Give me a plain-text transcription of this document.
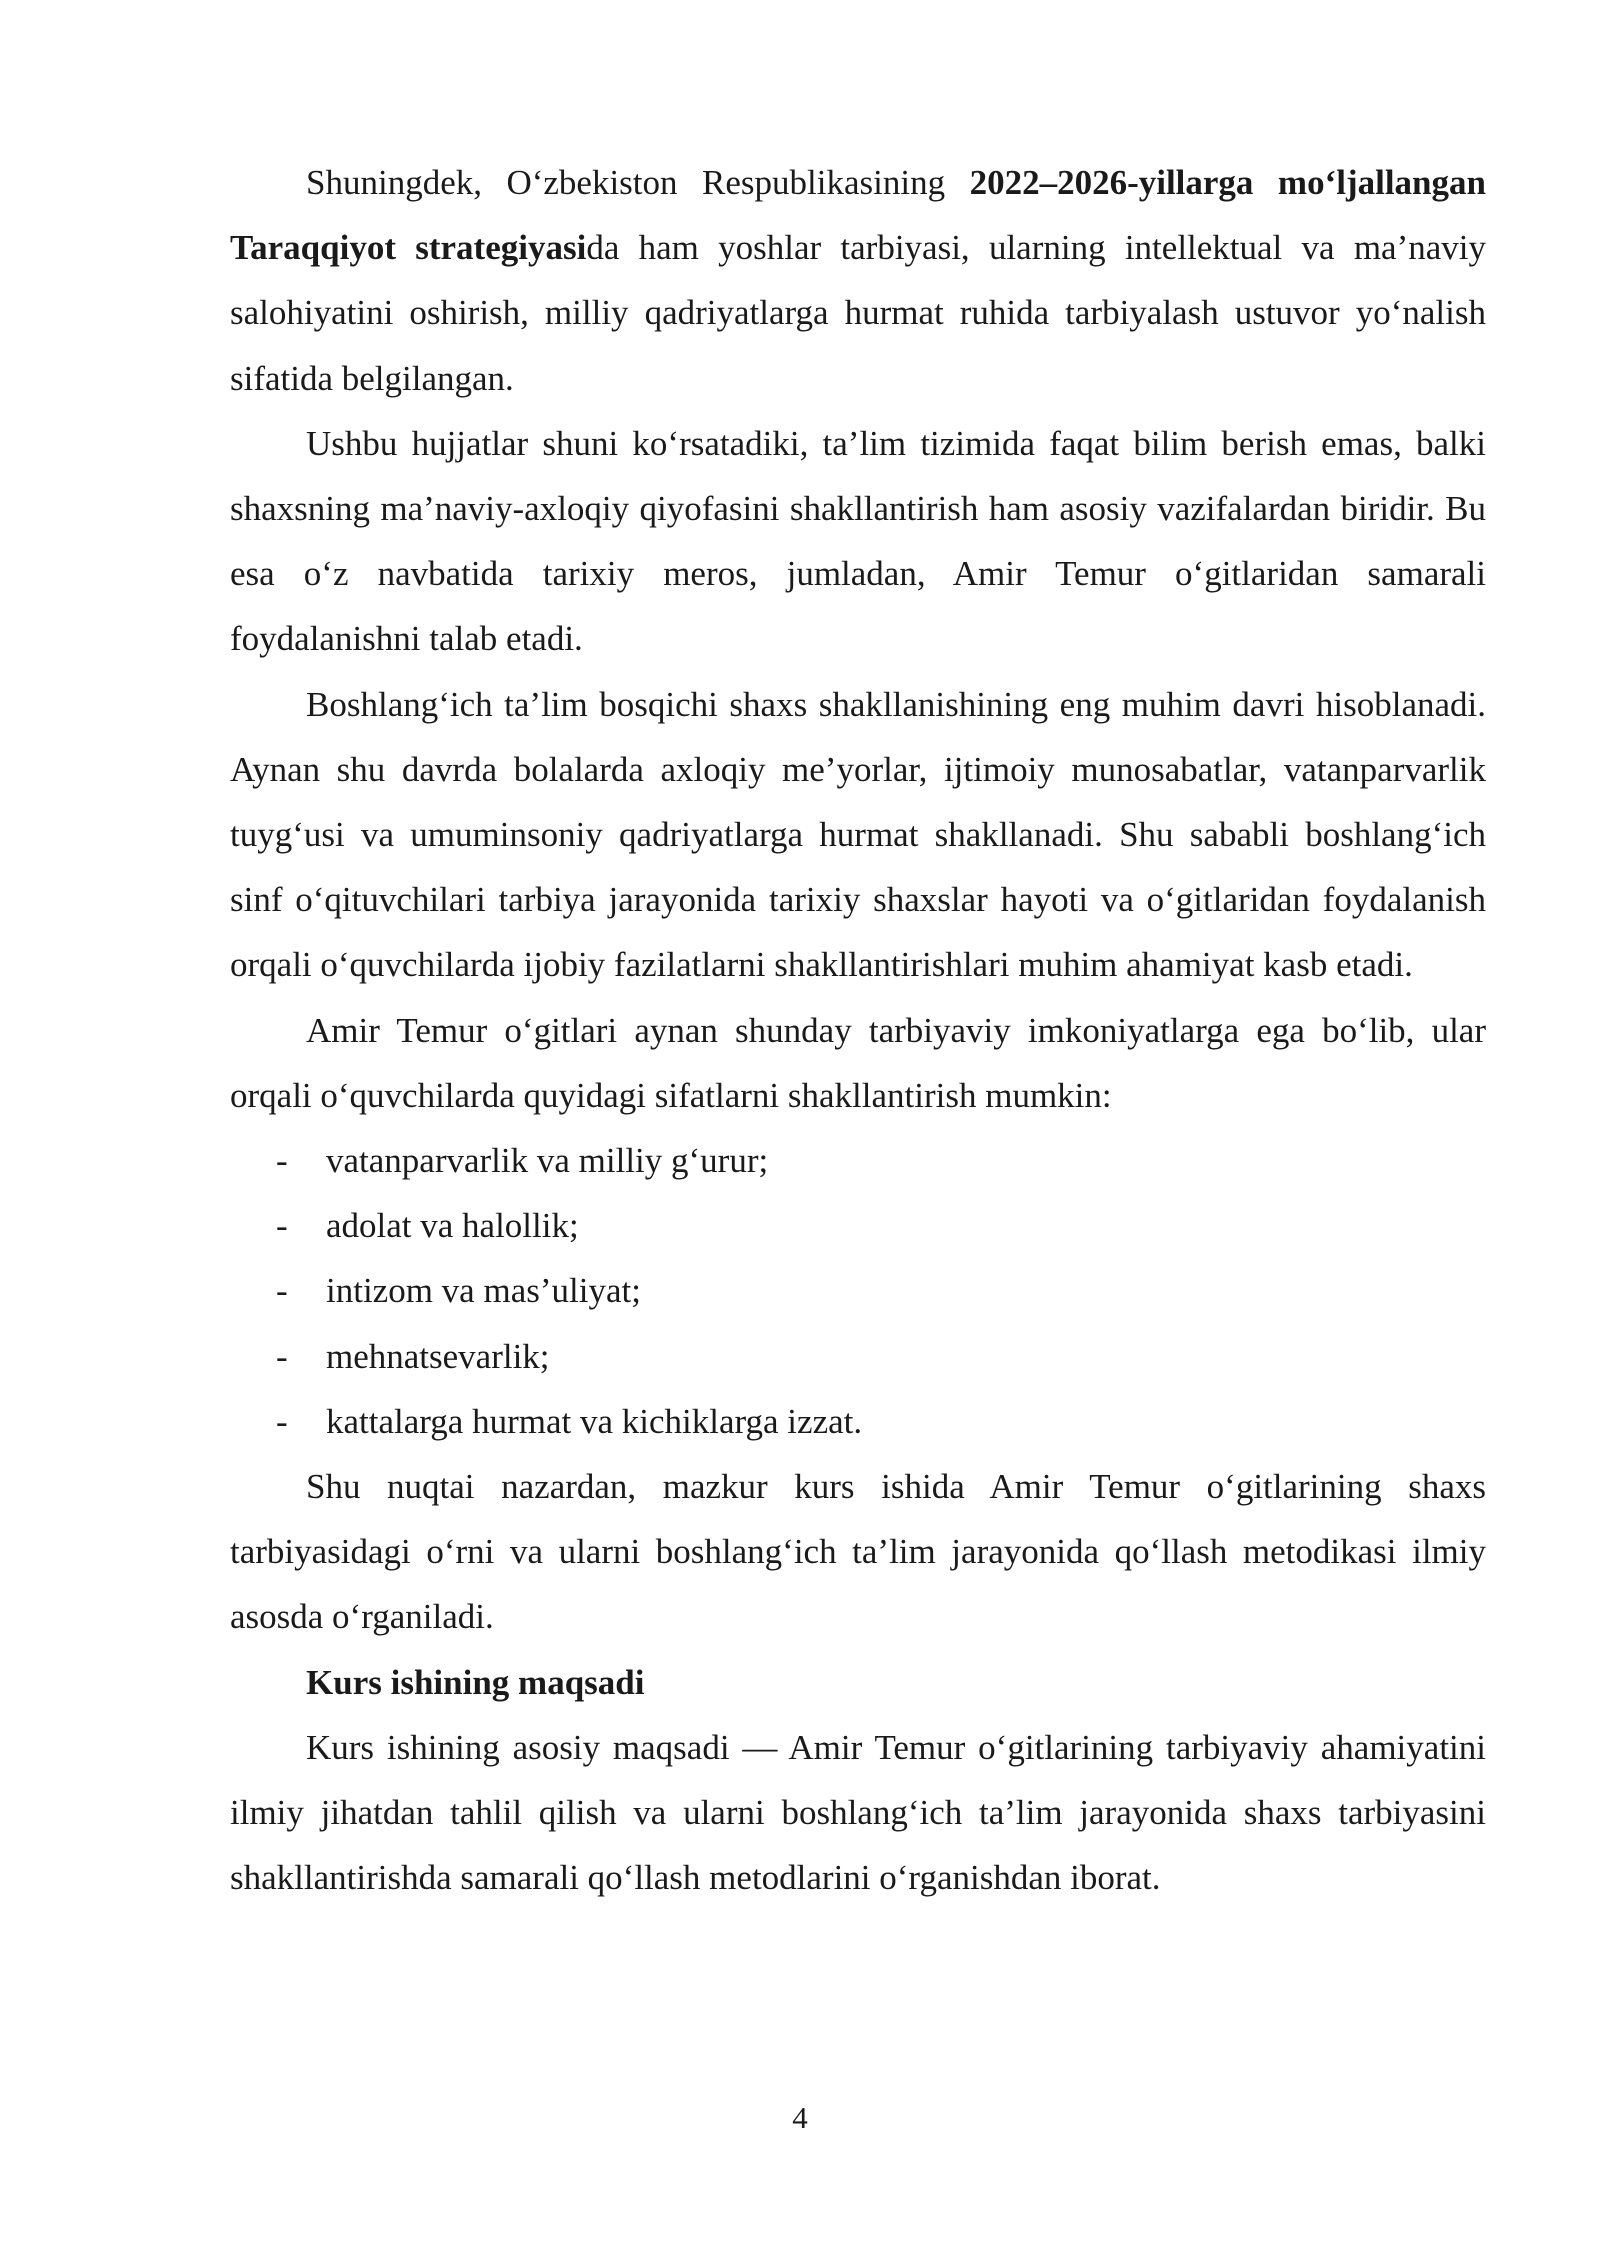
Shuningdek, O‘zbekiston Respublikasining 2022–2026-yillarga mo‘ljallangan Taraqqiyot strategiyasida ham yoshlar tarbiyasi, ularning intellektual va ma’naviy salohiyatini oshirish, milliy qadriyatlarga hurmat ruhida tarbiyalash ustuvor yo‘nalish sifatida belgilangan.

Ushbu hujjatlar shuni ko‘rsatadiki, ta’lim tizimida faqat bilim berish emas, balki shaxsning ma’naviy-axloqiy qiyofasini shakllantirish ham asosiy vazifalardan biridir. Bu esa o‘z navbatida tarixiy meros, jumladan, Amir Temur o‘gitlaridan samarali foydalanishni talab etadi.

Boshlang‘ich ta’lim bosqichi shaxs shakllanishining eng muhim davri hisoblanadi. Aynan shu davrda bolalarda axloqiy me’yorlar, ijtimoiy munosabatlar, vatanparvarlik tuyg‘usi va umuminsoniy qadriyatlarga hurmat shakllanadi. Shu sababli boshlang‘ich sinf o‘qituvchilari tarbiya jarayonida tarixiy shaxslar hayoti va o‘gitlaridan foydalanish orqali o‘quvchilarda ijobiy fazilatlarni shakllantirishlari muhim ahamiyat kasb etadi.

Amir Temur o‘gitlari aynan shunday tarbiyaviy imkoniyatlarga ega bo‘lib, ular orqali o‘quvchilarda quyidagi sifatlarni shakllantirish mumkin:

- vatanparvarlik va milliy g‘urur;
- adolat va halollik;
- intizom va mas’uliyat;
- mehnatsevarlik;
- kattalarga hurmat va kichiklarga izzat.

Shu nuqtai nazardan, mazkur kurs ishida Amir Temur o‘gitlarining shaxs tarbiyasidagi o‘rni va ularni boshlang‘ich ta’lim jarayonida qo‘llash metodikasi ilmiy asosda o‘rganiladi.

Kurs ishining maqsadi

Kurs ishining asosiy maqsadi — Amir Temur o‘gitlarining tarbiyaviy ahamiyatini ilmiy jihatdan tahlil qilish va ularni boshlang‘ich ta’lim jarayonida shaxs tarbiyasini shakllantirishda samarali qo‘llash metodlarini o‘rganishdan iborat.

4
